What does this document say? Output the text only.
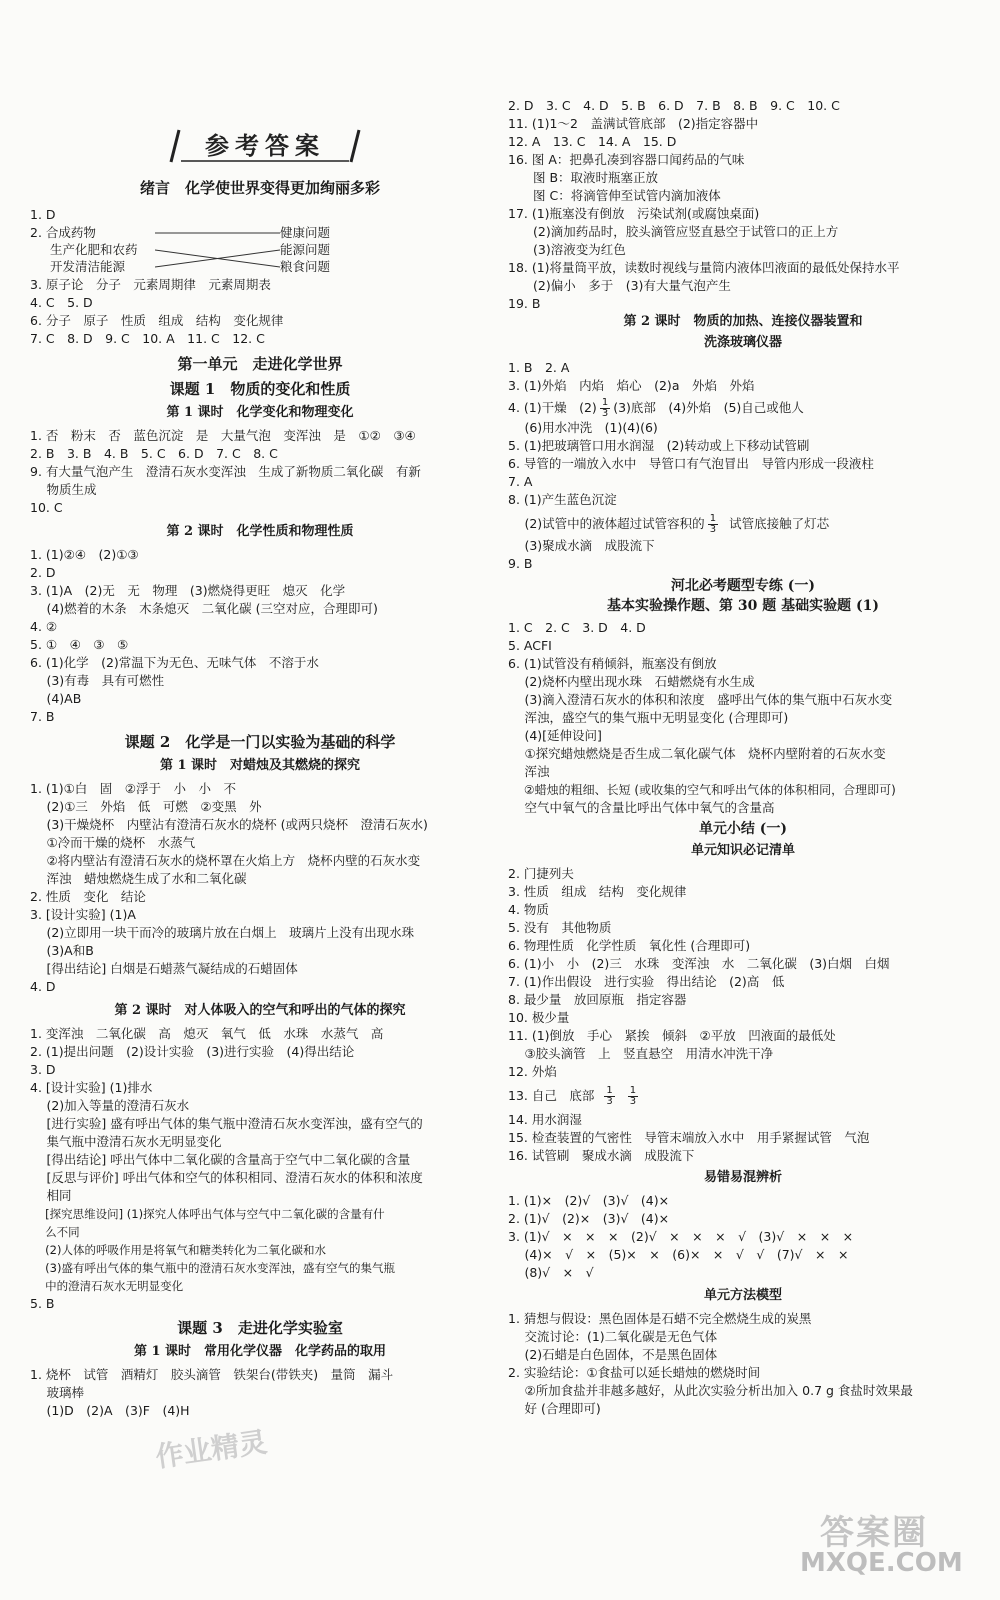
参考答案
绪言　化学使世界变得更加绚丽多彩
1. D
2. 合成药物
生产化肥和农药
开发清洁能源
健康问题
能源问题
粮食问题
3. 原子论　分子　元素周期律　元素周期表
4. C　5. D
6. 分子　原子　性质　组成　结构　变化规律
7. C　8. D　9. C　10. A　11. C　12. C
第一单元　走进化学世界
课题 1　物质的变化和性质
第 1 课时　化学变化和物理变化
1. 否　粉末　否　蓝色沉淀　是　大量气泡　变浑浊　是　①②　③④
2. B　3. B　4. B　5. C　6. D　7. C　8. C
9. 有大量气泡产生　澄清石灰水变浑浊　生成了新物质二氧化碳　有新
　 物质生成
10. C
第 2 课时　化学性质和物理性质
1. (1)②④　(2)①③
2. D
3. (1)A　(2)无　无　物理　(3)燃烧得更旺　熄灭　化学
　 (4)燃着的木条　木条熄灭　二氧化碳 (三空对应，合理即可)
4. ②
5. ①　④　③　⑤
6. (1)化学　(2)常温下为无色、无味气体　不溶于水
　 (3)有毒　具有可燃性
　 (4)AB
7. B
课题 2　化学是一门以实验为基础的科学
第 1 课时　对蜡烛及其燃烧的探究
1. (1)①白　固　②浮于　小　小　不
　 (2)①三　外焰　低　可燃　②变黑　外
　 (3)干燥烧杯　内壁沾有澄清石灰水的烧杯 (或两只烧杯　澄清石灰水)
　 ①冷而干燥的烧杯　水蒸气
　 ②将内壁沾有澄清石灰水的烧杯罩在火焰上方　烧杯内壁的石灰水变
　 浑浊　蜡烛燃烧生成了水和二氧化碳
2. 性质　变化　结论
3. [设计实验] (1)A
　 (2)立即用一块干而冷的玻璃片放在白烟上　玻璃片上没有出现水珠
　 (3)A和B
　 [得出结论] 白烟是石蜡蒸气凝结成的石蜡固体
4. D
第 2 课时　对人体吸入的空气和呼出的气体的探究
1. 变浑浊　二氧化碳　高　熄灭　氧气　低　水珠　水蒸气　高
2. (1)提出问题　(2)设计实验　(3)进行实验　(4)得出结论
3. D
4. [设计实验] (1)排水
　 (2)加入等量的澄清石灰水
　 [进行实验] 盛有呼出气体的集气瓶中澄清石灰水变浑浊，盛有空气的
　 集气瓶中澄清石灰水无明显变化
　 [得出结论] 呼出气体中二氧化碳的含量高于空气中二氧化碳的含量
　 [反思与评价] 呼出气体和空气的体积相同、澄清石灰水的体积和浓度
　 相同
　 [探究思维设问] (1)探究人体呼出气体与空气中二氧化碳的含量有什
　 么不同
　 (2)人体的呼吸作用是将氧气和糖类转化为二氧化碳和水
　 (3)盛有呼出气体的集气瓶中的澄清石灰水变浑浊，盛有空气的集气瓶
　 中的澄清石灰水无明显变化
5. B
课题 3　走进化学实验室
第 1 课时　常用化学仪器　化学药品的取用
1. 烧杯　试管　酒精灯　胶头滴管　铁架台(带铁夹)　量筒　漏斗
　 玻璃棒
　 (1)D　(2)A　(3)F　(4)H
2. D　3. C　4. D　5. B　6. D　7. B　8. B　9. C　10. C
11. (1)1～2　盖满试管底部　(2)指定容器中
12. A　13. C　14. A　15. D
16. 图 A：把鼻孔凑到容器口闻药品的气味
　　图 B：取液时瓶塞正放
　　图 C：将滴管伸至试管内滴加液体
17. (1)瓶塞没有倒放　污染试剂(或腐蚀桌面)
　　(2)滴加药品时，胶头滴管应竖直悬空于试管口的正上方
　　(3)溶液变为红色
18. (1)将量筒平放，读数时视线与量筒内液体凹液面的最低处保持水平
　　(2)偏小　多于　(3)有大量气泡产生
19. B
第 2 课时　物质的加热、连接仪器装置和
洗涤玻璃仪器
1. B　2. A
3. (1)外焰　内焰　焰心　(2)a　外焰　外焰
4. (1)干燥　$(2) \frac{1}{3} (3)$底部　(4)外焰　(5)自己或他人
　 (6)用水冲洗　(1)(4)(6)
5. (1)把玻璃管口用水润湿　(2)转动或上下移动试管刷
6. 导管的一端放入水中　导管口有气泡冒出　导管内形成一段液柱
7. A
8. (1)产生蓝色沉淀
　 (2)试管中的液体超过试管容积的 $\frac{1}{3}$ 试管底接触了灯芯
　 (3)聚成水滴　成股流下
9. B
河北必考题型专练 (一)
基本实验操作题、第 30 题 基础实验题 (1)
1. C　2. C　3. D　4. D
5. ACFI
6. (1)试管没有稍倾斜，瓶塞没有倒放
　 (2)烧杯内壁出现水珠　石蜡燃烧有水生成
　 (3)滴入澄清石灰水的体积和浓度　盛呼出气体的集气瓶中石灰水变
　 浑浊，盛空气的集气瓶中无明显变化 (合理即可)
　 (4)[延伸设问]
　 ①探究蜡烛燃烧是否生成二氧化碳气体　烧杯内壁附着的石灰水变
　 浑浊
　 ②蜡烛的粗细、长短 (或收集的空气和呼出气体的体积相同，合理即可)
　 空气中氧气的含量比呼出气体中氧气的含量高
单元小结 (一)
单元知识必记清单
2. 门捷列夫
3. 性质　组成　结构　变化规律
4. 物质
5. 没有　其他物质
6. 物理性质　化学性质　氧化性 (合理即可)
6. (1)小　小　(2)三　水珠　变浑浊　水　二氧化碳　(3)白烟　白烟
7. (1)作出假设　进行实验　得出结论　(2)高　低
8. 最少量　放回原瓶　指定容器
10. 极少量
11. (1)倒放　手心　紧挨　倾斜　②平放　凹液面的最低处
　 ③胶头滴管　上　竖直悬空　用清水冲洗干净
12. 外焰
13. 自己　底部 $\frac{1}{3} \frac{1}{3}$
14. 用水润湿
15. 检查装置的气密性　导管末端放入水中　用手紧握试管　气泡
16. 试管刷　聚成水滴　成股流下
易错易混辨析
1. (1)×　(2)√　(3)√　(4)×
2. (1)√　(2)×　(3)√　(4)×
3. (1)√　×　×　×　(2)√　×　×　×　√　(3)√　×　×　×
　 (4)×　√　×　(5)×　×　(6)×　×　√　√　(7)√　×　×
　 (8)√　×　√
单元方法模型
1. 猜想与假设：黑色固体是石蜡不完全燃烧生成的炭黑
　 交流讨论：(1)二氧化碳是无色气体
　 (2)石蜡是白色固体，不是黑色固体
2. 实验结论：①食盐可以延长蜡烛的燃烧时间
　 ②所加食盐并非越多越好，从此次实验分析出加入 0.7 g 食盐时效果最
　 好 (合理即可)
作业精灵
答案圈
MXQE.COM
